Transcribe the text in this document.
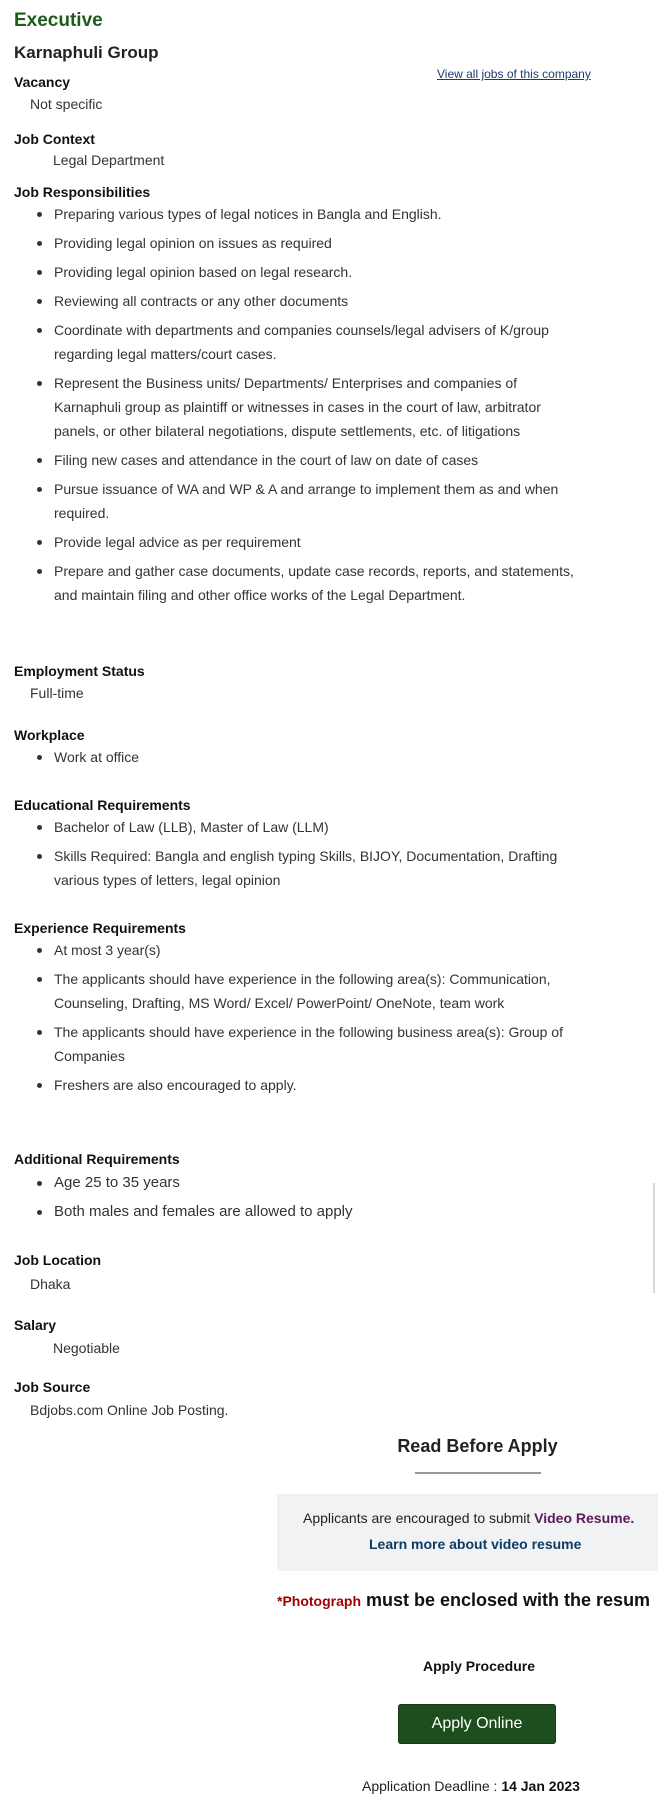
Executive
Karnaphuli Group
View all jobs of this company
Vacancy
Not specific
Job Context
Legal Department
Job Responsibilities
Preparing various types of legal notices in Bangla and English.
Providing legal opinion on issues as required
Providing legal opinion based on legal research.
Reviewing all contracts or any other documents
Coordinate with departments and companies counsels/legal advisers of K/group regarding legal matters/court cases.
Represent the Business units/ Departments/ Enterprises and companies of Karnaphuli group as plaintiff or witnesses in cases in the court of law, arbitrator panels, or other bilateral negotiations, dispute settlements, etc. of litigations
Filing new cases and attendance in the court of law on date of cases
Pursue issuance of WA and WP & A and arrange to implement them as and when required.
Provide legal advice as per requirement
Prepare and gather case documents, update case records, reports, and statements, and maintain filing and other office works of the Legal Department.
Employment Status
Full-time
Workplace
Work at office
Educational Requirements
Bachelor of Law (LLB), Master of Law (LLM)
Skills Required: Bangla and english typing Skills, BIJOY, Documentation, Drafting various types of letters, legal opinion
Experience Requirements
At most 3 year(s)
The applicants should have experience in the following area(s): Communication, Counseling, Drafting, MS Word/ Excel/ PowerPoint/ OneNote, team work
The applicants should have experience in the following business area(s): Group of Companies
Freshers are also encouraged to apply.
Additional Requirements
Age 25 to 35 years
Both males and females are allowed to apply
Job Location
Dhaka
Salary
Negotiable
Job Source
Bdjobs.com Online Job Posting.
Read Before Apply
Applicants are encouraged to submit Video Resume.
Learn more about video resume
*Photograph must be enclosed with the resum
Apply Procedure
Apply Online
Application Deadline : 14 Jan 2023
